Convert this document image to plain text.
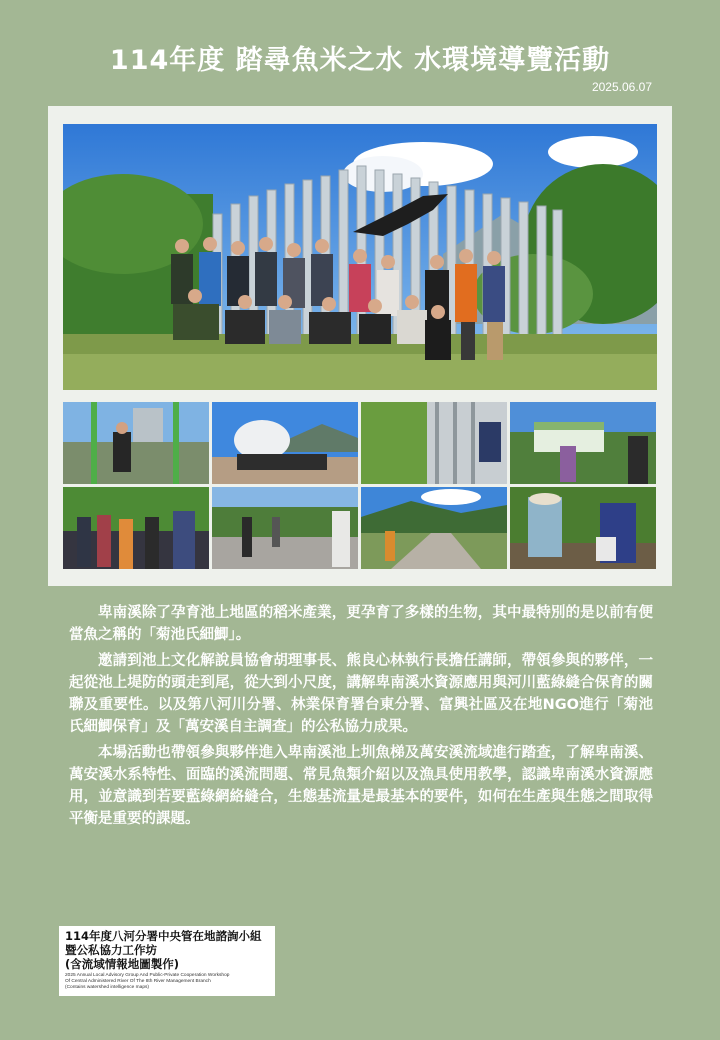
114年度 踏尋魚米之水 水環境導覽活動
2025.06.07

卑南溪除了孕育池上地區的稻米產業，更孕育了多樣的生物，其中最特別的是以前有便當魚之稱的「菊池氏細鯽」。

邀請到池上文化解說員協會胡理事長、熊良心林執行長擔任講師，帶領參與的夥伴，一起從池上堤防的頭走到尾，從大到小尺度，講解卑南溪水資源應用與河川藍綠縫合保育的關聯及重要性。以及第八河川分署、林業保育署台東分署、富興社區及在地NGO進行「菊池氏細鯽保育」及「萬安溪自主調查」的公私協力成果。

本場活動也帶領參與夥伴進入卑南溪池上圳魚梯及萬安溪流域進行踏查，了解卑南溪、萬安溪水系特性、面臨的溪流問題、常見魚類介紹以及漁具使用教學，認識卑南溪水資源應用，並意識到若要藍綠網絡縫合，生態基流量是最基本的要件，如何在生產與生態之間取得平衡是重要的課題。

114年度八河分署中央管在地諮詢小組
暨公私協力工作坊
(含流域情報地圖製作)
2025 Annual Local Advisory Group And Public-Private Cooperation Workshop
Of Central Administered River Of The 8th River Management Branch
(Contains watershed intelligence maps)
